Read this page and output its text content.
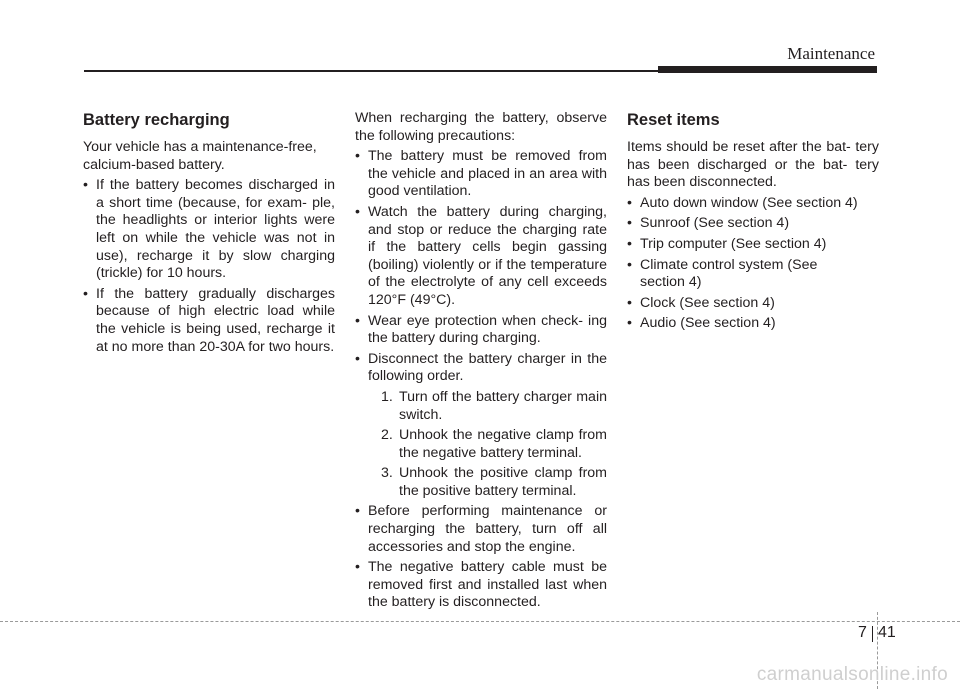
Maintenance
Battery recharging

Your vehicle has a maintenance-free, calcium-based battery.

• If the battery becomes discharged in a short time (because, for exam- ple, the headlights or interior lights were left on while the vehicle was not in use), recharge it by slow charging (trickle) for 10 hours.
• If the battery gradually discharges because of high electric load while the vehicle is being used, recharge it at no more than 20-30A for two hours.

When recharging the battery, observe the following precautions:

• The battery must be removed from the vehicle and placed in an area with good ventilation.
• Watch the battery during charging, and stop or reduce the charging rate if the battery cells begin gassing (boiling) violently or if the temperature of the electrolyte of any cell exceeds 120°F (49°C).
• Wear eye protection when check- ing the battery during charging.
• Disconnect the battery charger in the following order.
1. Turn off the battery charger main switch.
2. Unhook the negative clamp from the negative battery terminal.
3. Unhook the positive clamp from the positive battery terminal.
• Before performing maintenance or recharging the battery, turn off all accessories and stop the engine.
• The negative battery cable must be removed first and installed last when the battery is disconnected.
Reset items

Items should be reset after the bat- tery has been discharged or the bat- tery has been disconnected.

• Auto down window (See section 4)
• Sunroof (See section 4)
• Trip computer (See section 4)
• Climate control system (See section 4)
• Clock (See section 4)
• Audio (See section 4)
7 41
carmanualsonline.info
